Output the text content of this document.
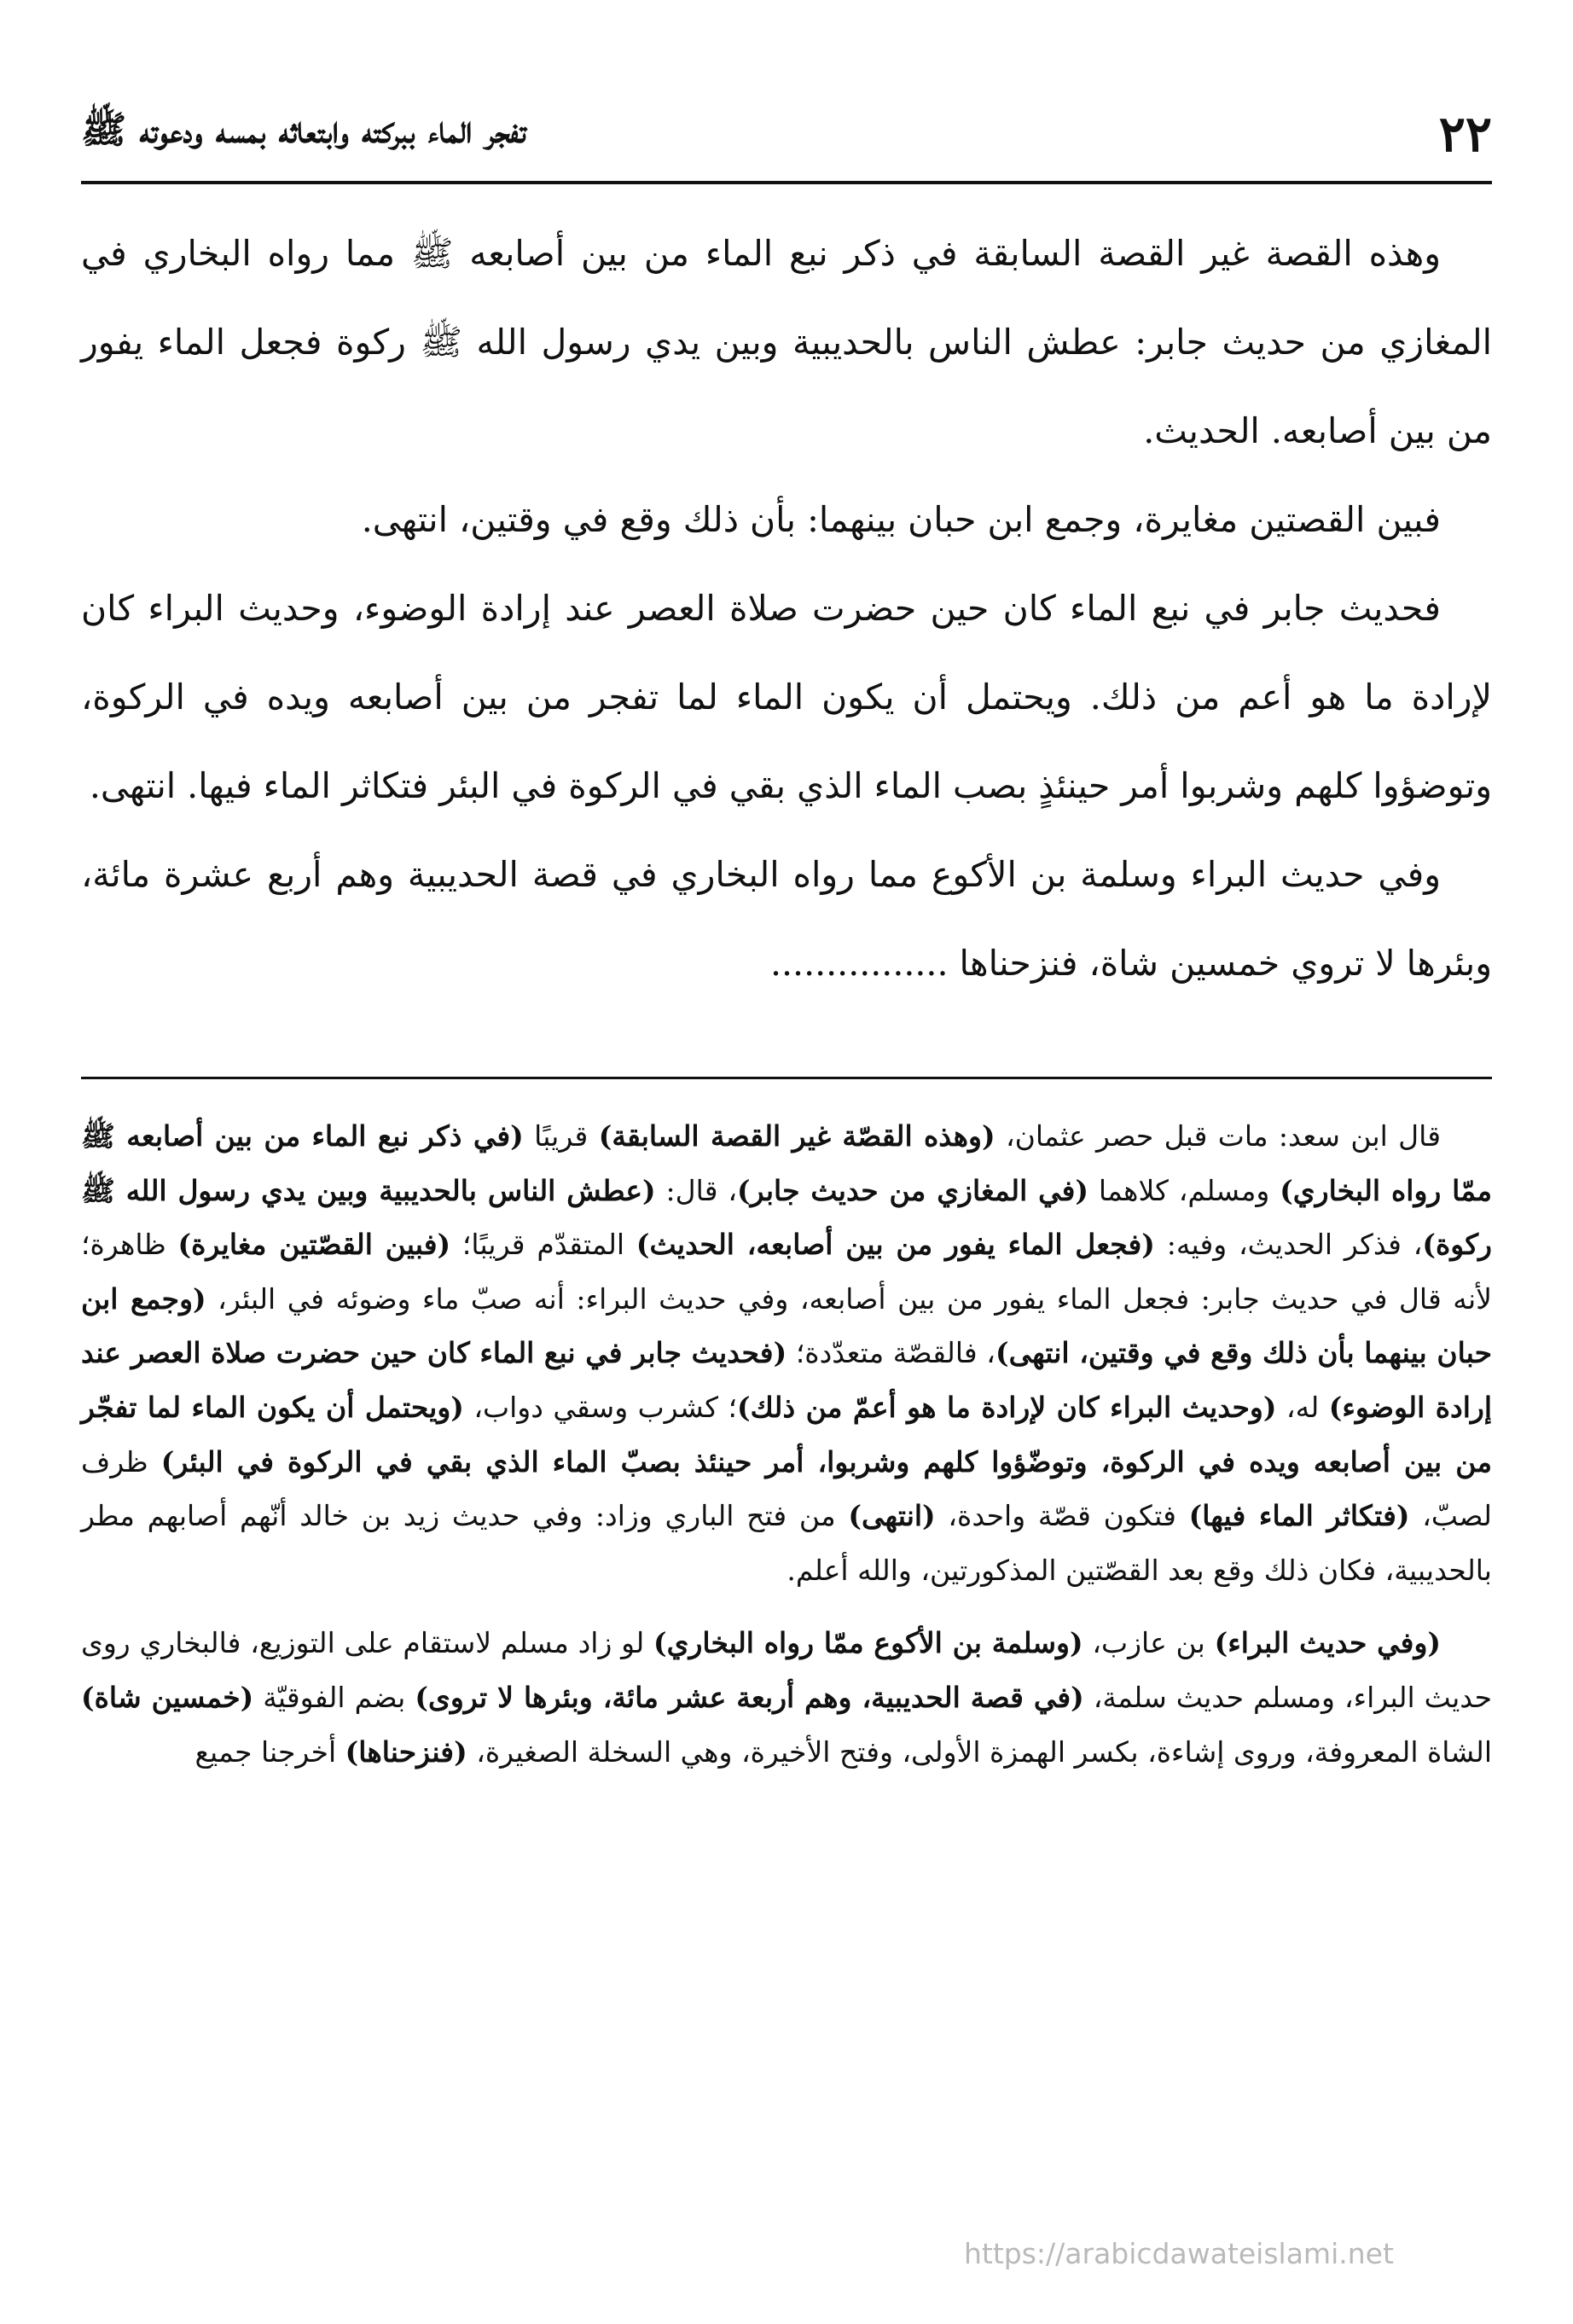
٢٢
تفجر الماء ببركته وابتعاثه بمسه ودعوته ﷺ

وهذه القصة غير القصة السابقة في ذكر نبع الماء من بين أصابعه ﷺ مما رواه البخاري في المغازي من حديث جابر: عطش الناس بالحديبية وبين يدي رسول الله ﷺ ركوة فجعل الماء يفور من بين أصابعه. الحديث.

فبين القصتين مغايرة، وجمع ابن حبان بينهما: بأن ذلك وقع في وقتين، انتهى.

فحديث جابر في نبع الماء كان حين حضرت صلاة العصر عند إرادة الوضوء، وحديث البراء كان لإرادة ما هو أعم من ذلك. ويحتمل أن يكون الماء لما تفجر من بين أصابعه ويده في الركوة، وتوضؤوا كلهم وشربوا أمر حينئذٍ بصب الماء الذي بقي في الركوة في البئر فتكاثر الماء فيها. انتهى.

وفي حديث البراء وسلمة بن الأكوع مما رواه البخاري في قصة الحديبية وهم أربع عشرة مائة، وبئرها لا تروي خمسين شاة، فنزحناها ................

قال ابن سعد: مات قبل حصر عثمان، (وهذه القصّة غير القصة السابقة) قريبًا (في ذكر نبع الماء من بين أصابعه ﷺ ممّا رواه البخاري) ومسلم، كلاهما (في المغازي من حديث جابر)، قال: (عطش الناس بالحديبية وبين يدي رسول الله ﷺ ركوة)، فذكر الحديث، وفيه: (فجعل الماء يفور من بين أصابعه، الحديث) المتقدّم قريبًا؛ (فبين القصّتين مغايرة) ظاهرة؛ لأنه قال في حديث جابر: فجعل الماء يفور من بين أصابعه، وفي حديث البراء: أنه صبّ ماء وضوئه في البئر، (وجمع ابن حبان بينهما بأن ذلك وقع في وقتين، انتهى)، فالقصّة متعدّدة؛ (فحديث جابر في نبع الماء كان حين حضرت صلاة العصر عند إرادة الوضوء) له، (وحديث البراء كان لإرادة ما هو أعمّ من ذلك)؛ كشرب وسقي دواب، (ويحتمل أن يكون الماء لما تفجّر من بين أصابعه ويده في الركوة، وتوضّؤوا كلهم وشربوا، أمر حينئذ بصبّ الماء الذي بقي في الركوة في البئر) ظرف لصبّ، (فتكاثر الماء فيها) فتكون قصّة واحدة، (انتهى) من فتح الباري وزاد: وفي حديث زيد بن خالد أنّهم أصابهم مطر بالحديبية، فكان ذلك وقع بعد القصّتين المذكورتين، والله أعلم.

(وفي حديث البراء) بن عازب، (وسلمة بن الأكوع ممّا رواه البخاري) لو زاد مسلم لاستقام على التوزيع، فالبخاري روى حديث البراء، ومسلم حديث سلمة، (في قصة الحديبية، وهم أربعة عشر مائة، وبئرها لا تروى) بضم الفوقيّة (خمسين شاة) الشاة المعروفة، وروى إشاءة، بكسر الهمزة الأولى، وفتح الأخيرة، وهي السخلة الصغيرة، (فنزحناها) أخرجنا جميع

https://arabicdawateislami.net
